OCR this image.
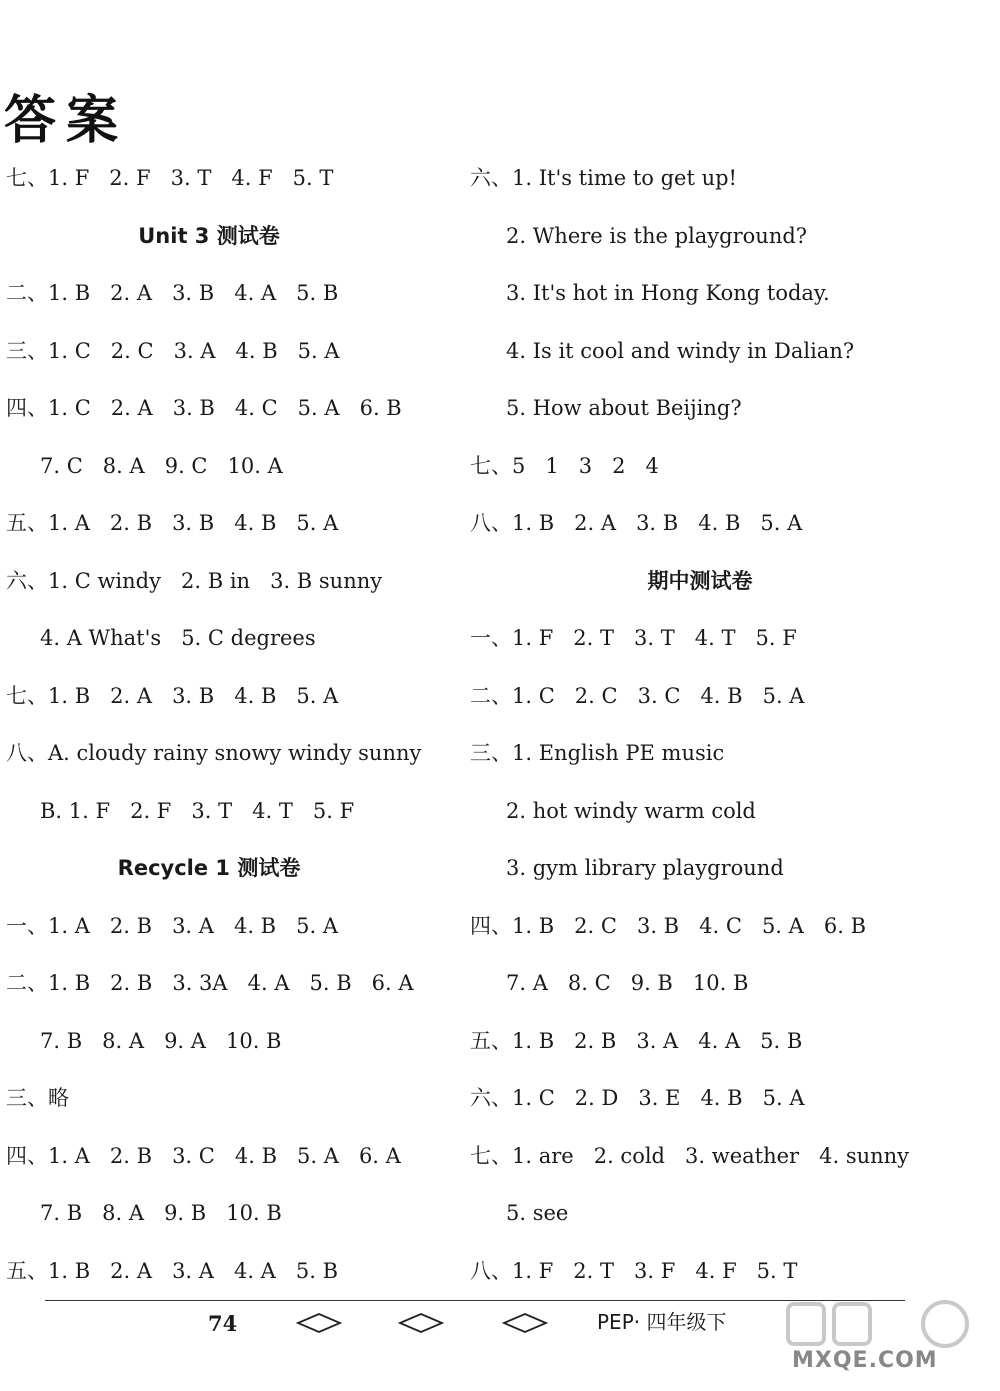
答案
七、1. F   2. F   3. T   4. F   5. T
Unit 3 测试卷
二、1. B   2. A   3. B   4. A   5. B
三、1. C   2. C   3. A   4. B   5. A
四、1. C   2. A   3. B   4. C   5. A   6. B
7. C   8. A   9. C   10. A
五、1. A   2. B   3. B   4. B   5. A
六、1. C windy   2. B in   3. B sunny
4. A What's   5. C degrees
七、1. B   2. A   3. B   4. B   5. A
八、A. cloudy rainy snowy windy sunny
B. 1. F   2. F   3. T   4. T   5. F
Recycle 1 测试卷
一、1. A   2. B   3. A   4. B   5. A
二、1. B   2. B   3. 3A   4. A   5. B   6. A
7. B   8. A   9. A   10. B
三、略
四、1. A   2. B   3. C   4. B   5. A   6. A
7. B   8. A   9. B   10. B
五、1. B   2. A   3. A   4. A   5. B
六、1. It's time to get up!
2. Where is the playground?
3. It's hot in Hong Kong today.
4. Is it cool and windy in Dalian?
5. How about Beijing?
七、5   1   3   2   4
八、1. B   2. A   3. B   4. B   5. A
期中测试卷
一、1. F   2. T   3. T   4. T   5. F
二、1. C   2. C   3. C   4. B   5. A
三、1. English PE music
2. hot windy warm cold
3. gym library playground
四、1. B   2. C   3. B   4. C   5. A   6. B
7. A   8. C   9. B   10. B
五、1. B   2. B   3. A   4. A   5. B
六、1. C   2. D   3. E   4. B   5. A
七、1. are   2. cold   3. weather   4. sunny
5. see
八、1. F   2. T   3. F   4. F   5. T
74	PEP· 四年级下
MXQE.COM
